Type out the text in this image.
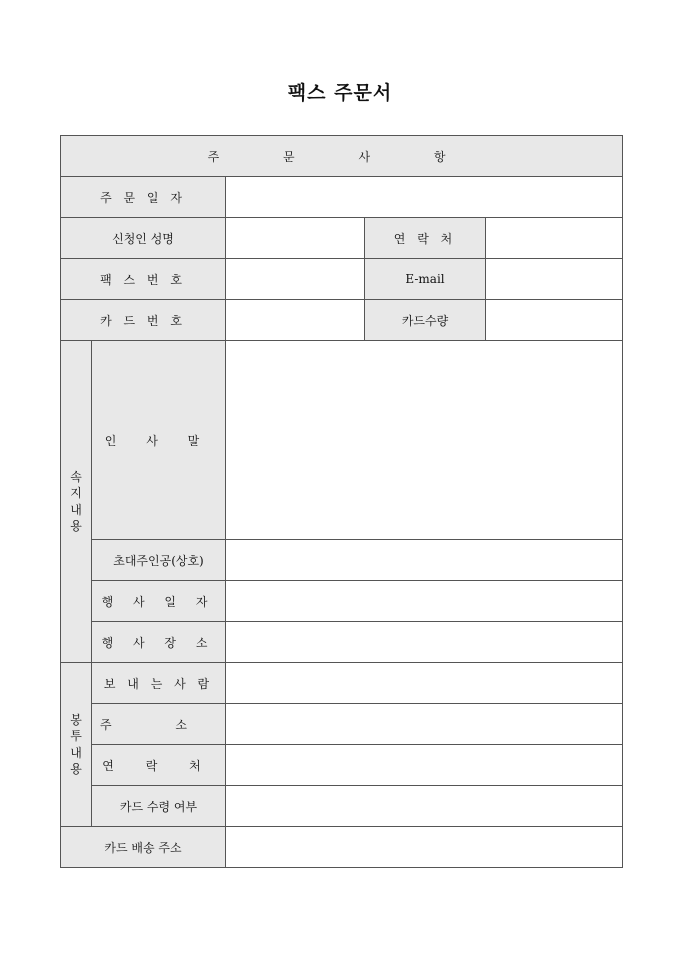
팩스 주문서
주 문 사 항				
주 문 일 자				
신청인 성명			연 락 처	
팩 스 번 호			E-mail	
카 드 번 호			카드수량	
속지내용	인 사 말			
	초대주인공(상호)			
	행 사 일 자			
	행 사 장 소			
봉투내용	보 내 는 사 람			
	주 소			
	연 락 처			
	카드 수령 여부			
카드 배송 주소				
